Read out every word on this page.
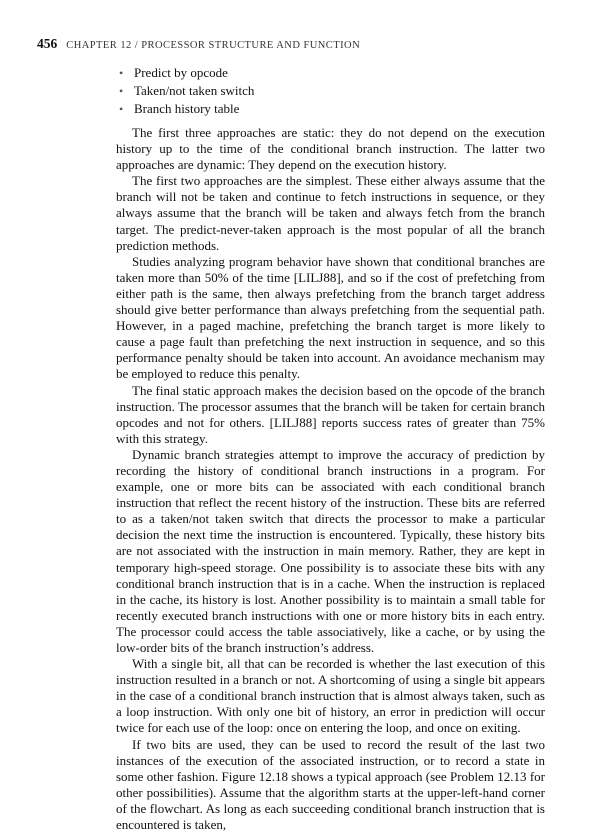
456 CHAPTER 12 / PROCESSOR STRUCTURE AND FUNCTION
• Predict by opcode
• Taken/not taken switch
• Branch history table

The first three approaches are static: they do not depend on the execution history up to the time of the conditional branch instruction. The latter two approaches are dynamic: They depend on the execution history.

The first two approaches are the simplest. These either always assume that the branch will not be taken and continue to fetch instructions in sequence, or they always assume that the branch will be taken and always fetch from the branch target. The predict-never-taken approach is the most popular of all the branch prediction methods.

Studies analyzing program behavior have shown that conditional branches are taken more than 50% of the time [LILJ88], and so if the cost of prefetching from either path is the same, then always prefetching from the branch target address should give better performance than always prefetching from the sequential path. However, in a paged machine, prefetching the branch target is more likely to cause a page fault than prefetching the next instruction in sequence, and so this performance penalty should be taken into account. An avoidance mechanism may be employed to reduce this penalty.

The final static approach makes the decision based on the opcode of the branch instruction. The processor assumes that the branch will be taken for certain branch opcodes and not for others. [LILJ88] reports success rates of greater than 75% with this strategy.

Dynamic branch strategies attempt to improve the accuracy of prediction by recording the history of conditional branch instructions in a program. For example, one or more bits can be associated with each conditional branch instruction that reflect the recent history of the instruction. These bits are referred to as a taken/not taken switch that directs the processor to make a particular decision the next time the instruction is encountered. Typically, these history bits are not associated with the instruction in main memory. Rather, they are kept in temporary high-speed storage. One possibility is to associate these bits with any conditional branch instruction that is in a cache. When the instruction is replaced in the cache, its history is lost. Another possibility is to maintain a small table for recently executed branch instructions with one or more history bits in each entry. The processor could access the table associatively, like a cache, or by using the low-order bits of the branch instruction’s address.

With a single bit, all that can be recorded is whether the last execution of this instruction resulted in a branch or not. A shortcoming of using a single bit appears in the case of a conditional branch instruction that is almost always taken, such as a loop instruction. With only one bit of history, an error in prediction will occur twice for each use of the loop: once on entering the loop, and once on exiting.

If two bits are used, they can be used to record the result of the last two instances of the execution of the associated instruction, or to record a state in some other fashion. Figure 12.18 shows a typical approach (see Problem 12.13 for other possibilities). Assume that the algorithm starts at the upper-left-hand corner of the flowchart. As long as each succeeding conditional branch instruction that is encountered is taken,
